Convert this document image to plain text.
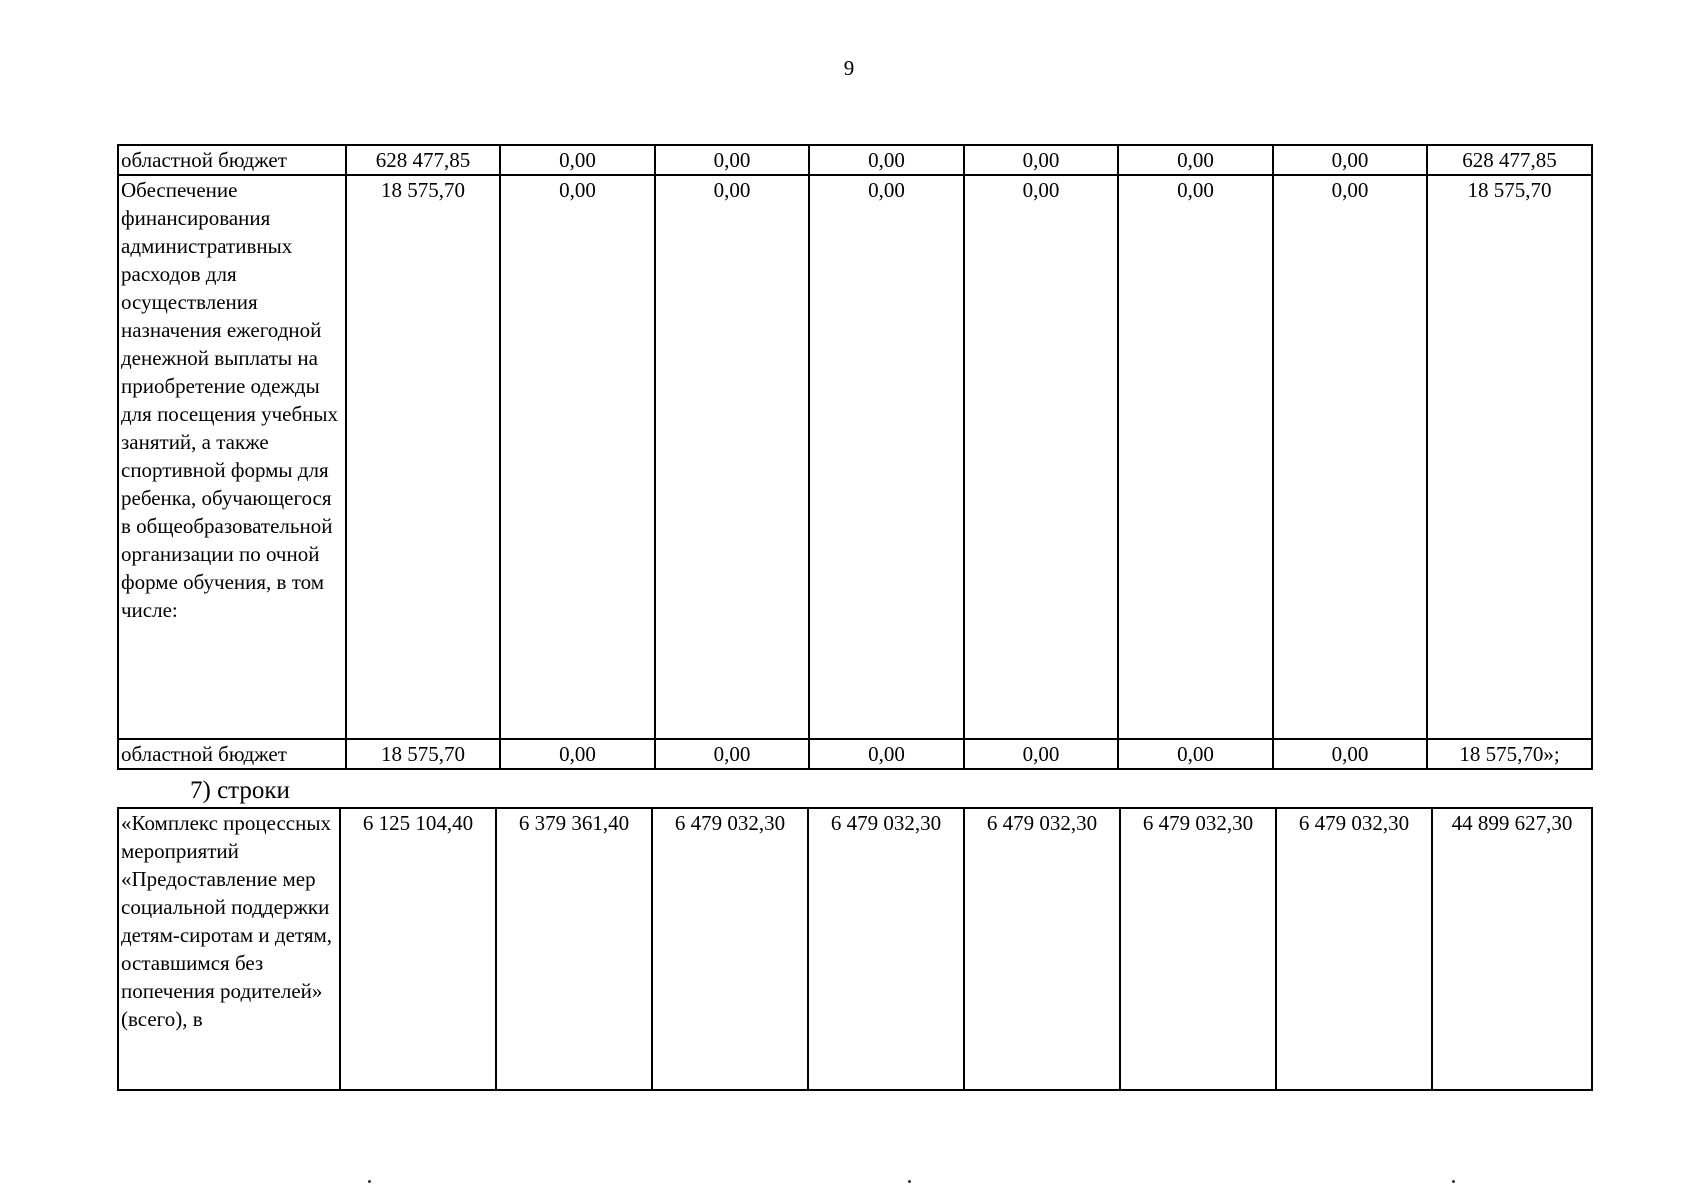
9
областной бюджет	628 477,85	0,00	0,00	0,00	0,00	0,00	0,00	628 477,85
Обеспечение финансирования административных расходов для осуществления назначения ежегодной денежной выплаты на приобретение одежды для посещения учебных занятий, а также спортивной формы для ребенка, обучающегося в общеобразовательной организации по очной форме обучения, в том числе:	18 575,70	0,00	0,00	0,00	0,00	0,00	0,00	18 575,70
областной бюджет	18 575,70	0,00	0,00	0,00	0,00	0,00	0,00	18 575,70»;
7) строки
«Комплекс процессных мероприятий «Предоставление мер социальной поддержки детям-сиротам и детям, оставшимся без попечения родителей» (всего), в	6 125 104,40	6 379 361,40	6 479 032,30	6 479 032,30	6 479 032,30	6 479 032,30	6 479 032,30	44 899 627,30
